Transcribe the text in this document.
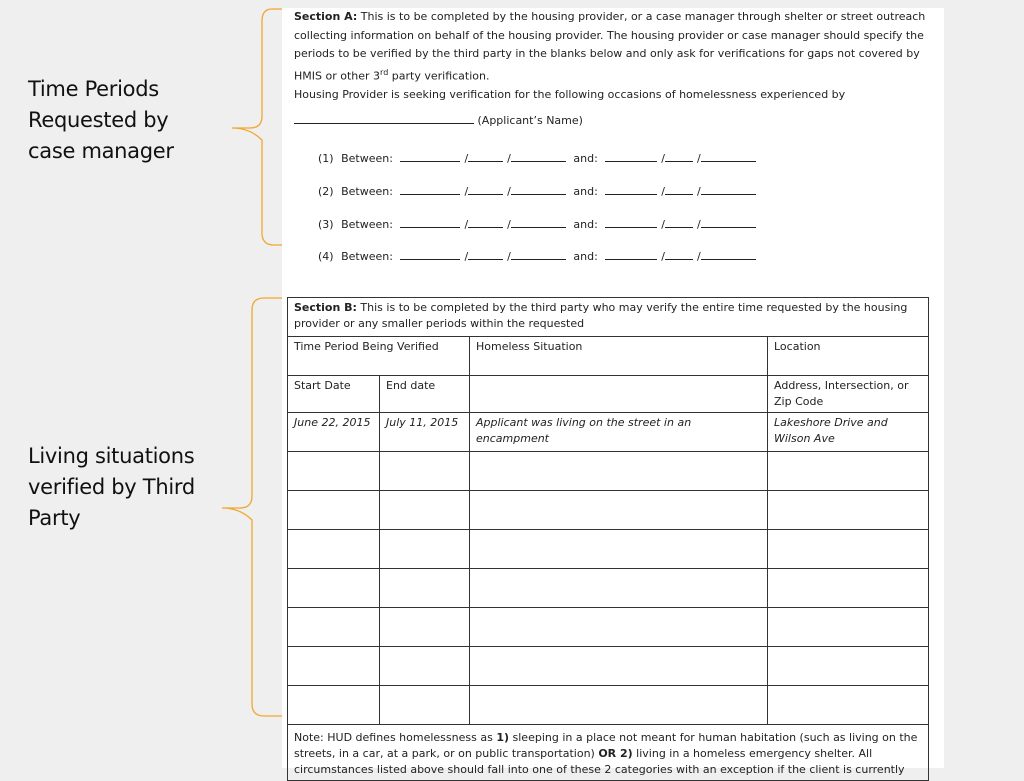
Time Periods Requested by case manager
Living situations verified by Third Party

Section A: This is to be completed by the housing provider, or a case manager through shelter or street outreach collecting information on behalf of the housing provider. The housing provider or case manager should specify the periods to be verified by the third party in the blanks below and only ask for verifications for gaps not covered by HMIS or other 3rd party verification.

Housing Provider is seeking verification for the following occasions of homelessness experienced by

(Applicant’s Name)

(1) Between:	/	/	and:	/	/
(2) Between:	/	/	and:	/	/
(3) Between:	/	/	and:	/	/
(4) Between:	/	/	and:	/	/
Section B: This is to be completed by the third party who may verify the entire time requested by the housing provider or any smaller periods within the requested			
Time Period Being Verified		Homeless Situation	Location
Start Date	End date		Address, Intersection, or Zip Code
June 22, 2015	July 11, 2015	Applicant was living on the street in an encampment	Lakeshore Drive and Wilson Ave

Note: HUD defines homelessness as 1) sleeping in a place not meant for human habitation (such as living on the streets, in a car, at a park, or on public transportation) OR 2) living in a homeless emergency shelter. All circumstances listed above should fall into one of these 2 categories with an exception if the client is currently			
